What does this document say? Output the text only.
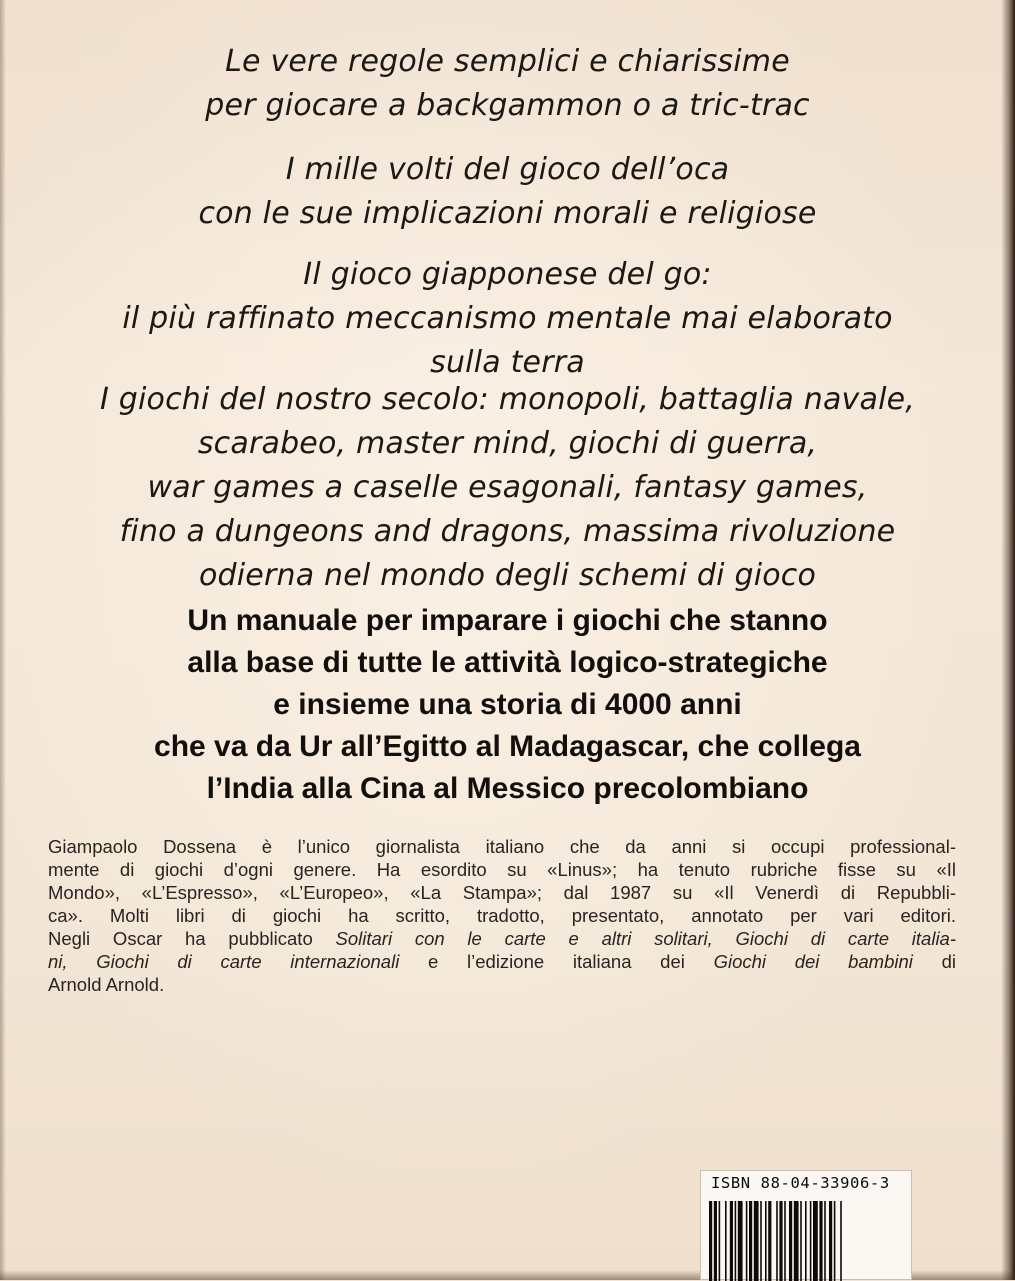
Le vere regole semplici e chiarissime
per giocare a backgammon o a tric-trac
I mille volti del gioco dell’oca
con le sue implicazioni morali e religiose
Il gioco giapponese del go:
il più raffinato meccanismo mentale mai elaborato
sulla terra
I giochi del nostro secolo: monopoli, battaglia navale,
scarabeo, master mind, giochi di guerra,
war games a caselle esagonali, fantasy games,
fino a dungeons and dragons, massima rivoluzione
odierna nel mondo degli schemi di gioco
Un manuale per imparare i giochi che stanno
alla base di tutte le attività logico-strategiche
e insieme una storia di 4000 anni
che va da Ur all’Egitto al Madagascar, che collega
l’India alla Cina al Messico precolombiano
Giampaolo Dossena è l’unico giornalista italiano che da anni si occupi professional-
mente di giochi d’ogni genere. Ha esordito su «Linus»; ha tenuto rubriche fisse su «Il
Mondo», «L’Espresso», «L’Europeo», «La Stampa»; dal 1987 su «Il Venerdì di Repubbli-
ca». Molti libri di giochi ha scritto, tradotto, presentato, annotato per vari editori.
Negli Oscar ha pubblicato Solitari con le carte e altri solitari, Giochi di carte italia-
ni, Giochi di carte internazionali e l’edizione italiana dei Giochi dei bambini di
Arnold Arnold.
ISBN 88-04-33906-3
